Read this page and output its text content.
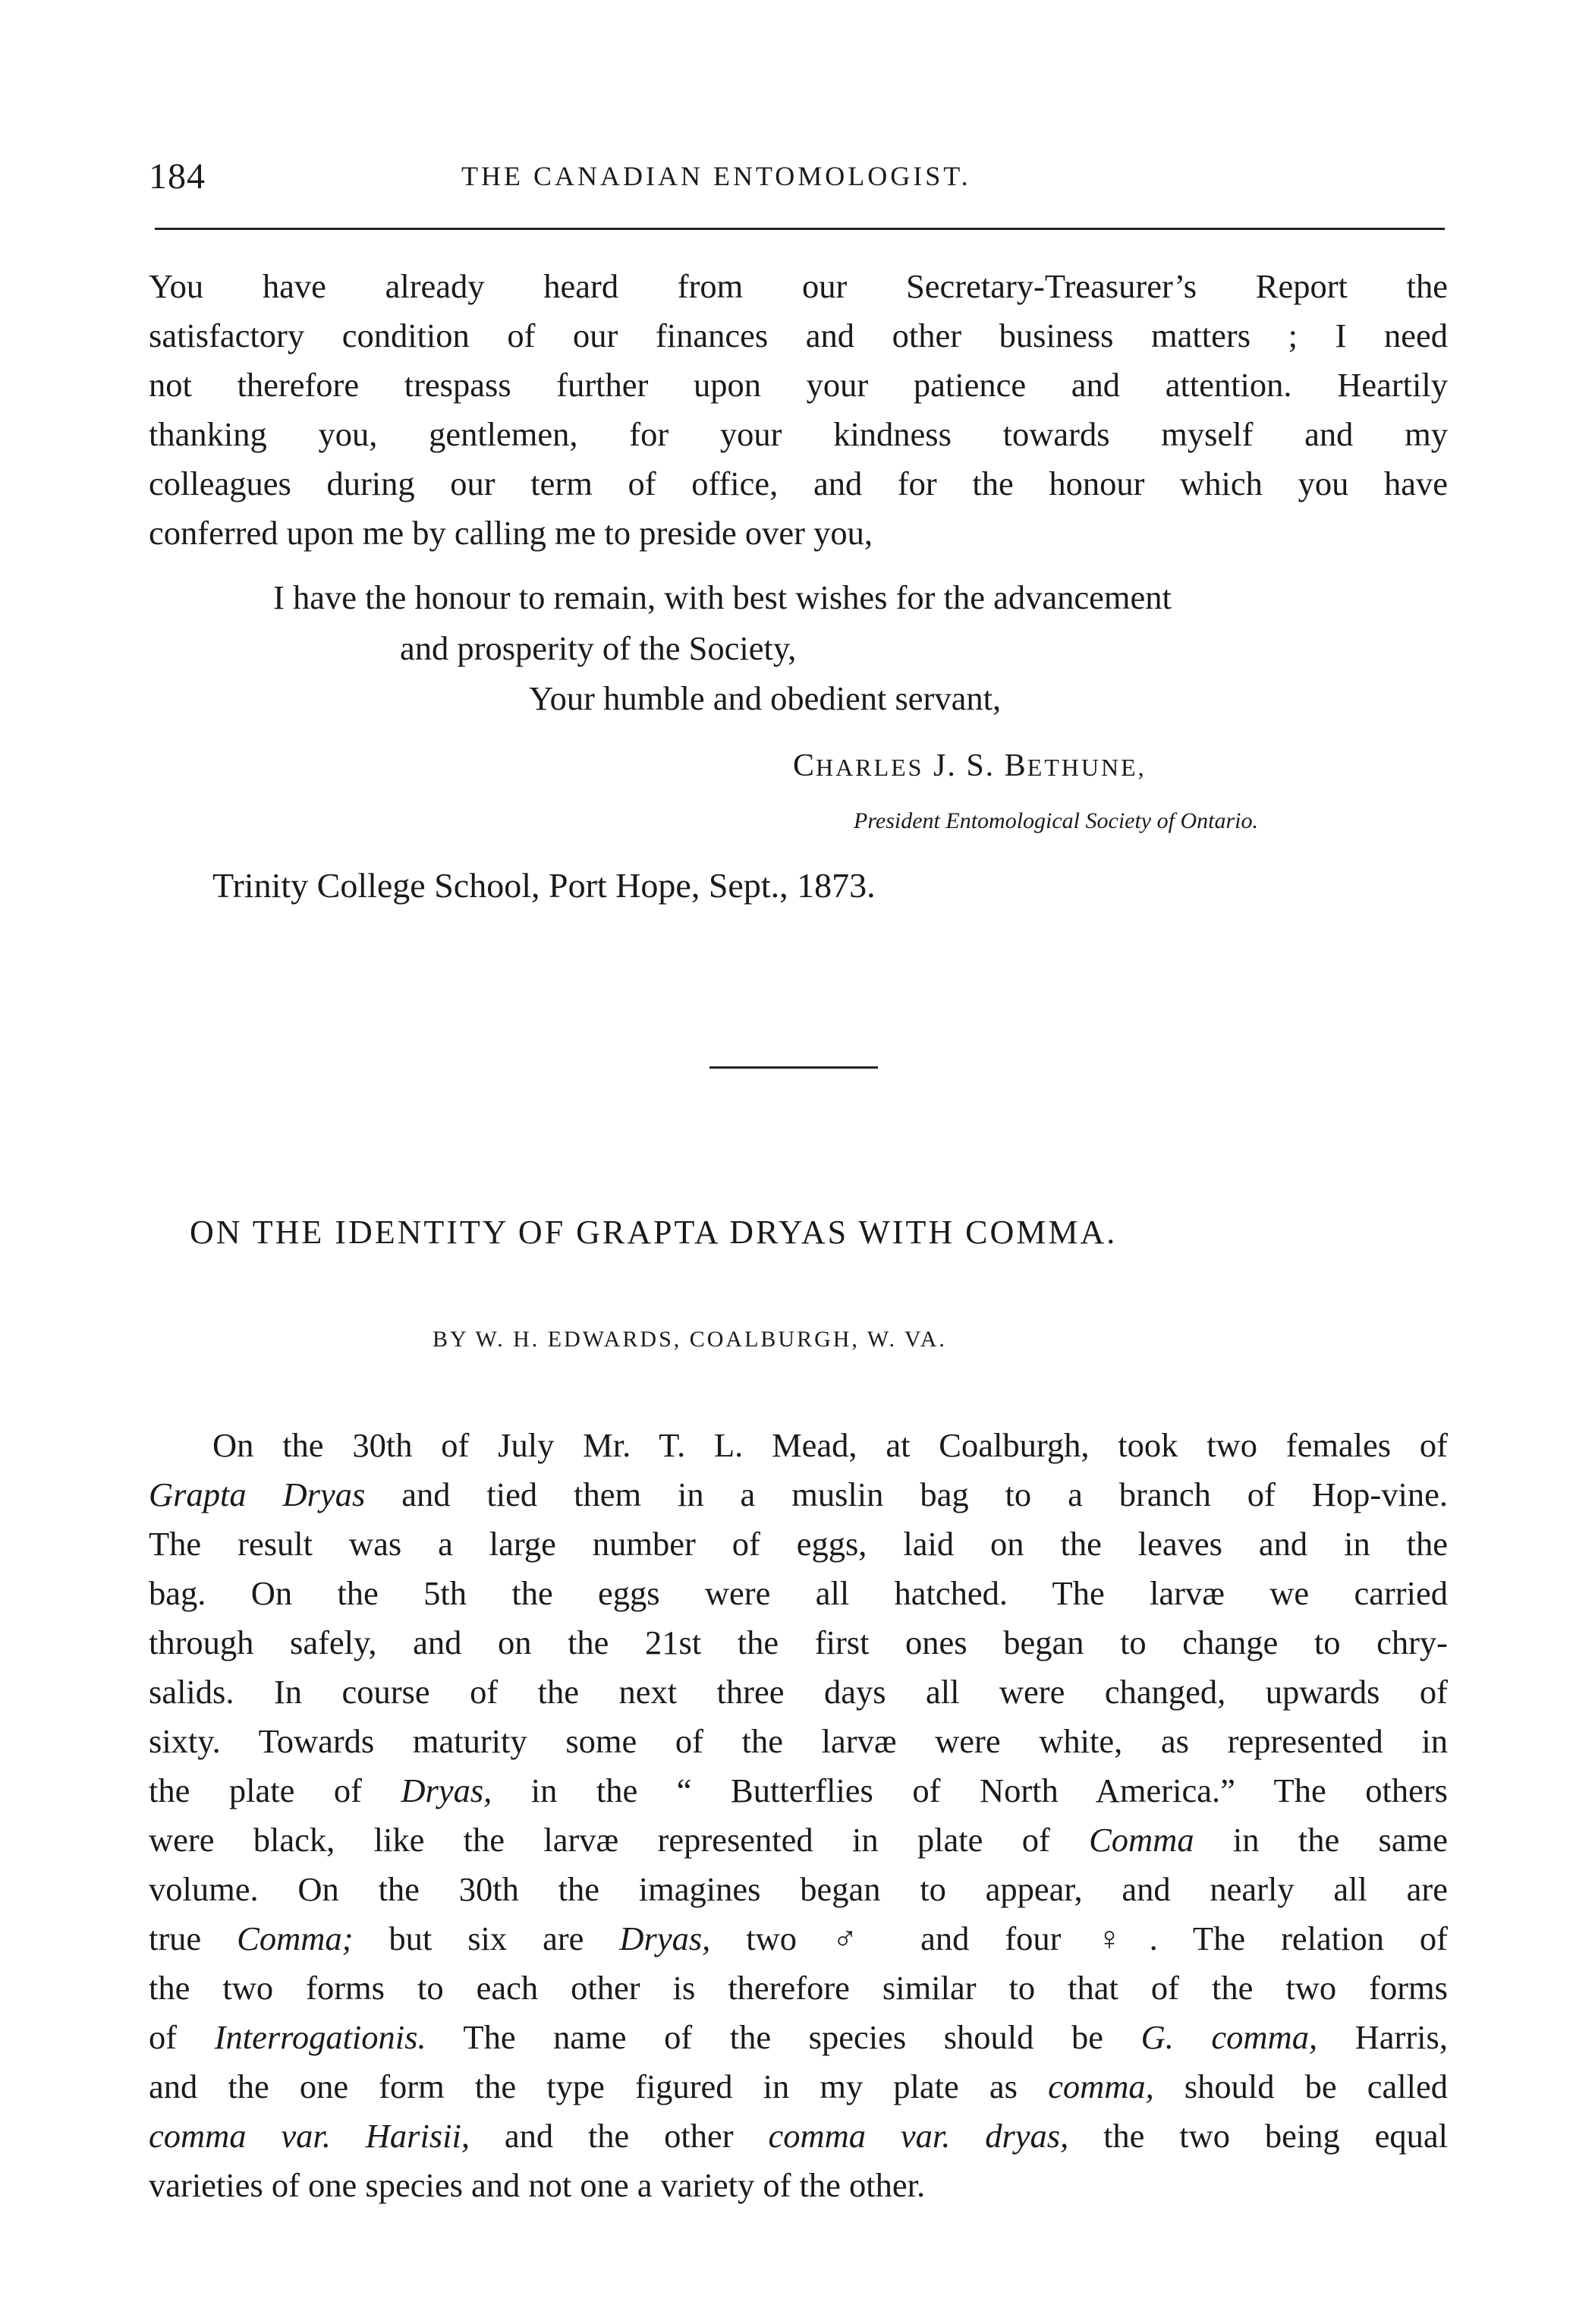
184	THE CANADIAN ENTOMOLOGIST.
You have already heard from our Secretary-Treasurer’s Report the
satisfactory condition of our finances and other business matters ; I need
not therefore trespass further upon your patience and attention. Heartily
thanking you, gentlemen, for your kindness towards myself and my
colleagues during our term of office, and for the honour which you have
conferred upon me by calling me to preside over you,
I have the honour to remain, with best wishes for the advancement
and prosperity of the Society,
Your humble and obedient servant,
CHARLES J. S. BETHUNE,
President Entomological Society of Ontario.
Trinity College School, Port Hope, Sept., 1873.
ON THE IDENTITY OF GRAPTA DRYAS WITH COMMA.
BY W. H. EDWARDS, COALBURGH, W. VA.
On the 30th of July Mr. T. L. Mead, at Coalburgh, took two females of
Grapta Dryas and tied them in a muslin bag to a branch of Hop-vine.
The result was a large number of eggs, laid on the leaves and in the
bag. On the 5th the eggs were all hatched. The larvæ we carried
through safely, and on the 21st the first ones began to change to chry-
salids. In course of the next three days all were changed, upwards of
sixty. Towards maturity some of the larvæ were white, as represented in
the plate of Dryas, in the “ Butterflies of North America.” The others
were black, like the larvæ represented in plate of Comma in the same
volume. On the 30th the imagines began to appear, and nearly all are
true Comma; but six are Dryas, two ♂ and four ♀. The relation of
the two forms to each other is therefore similar to that of the two forms
of Interrogationis. The name of the species should be G. comma, Harris,
and the one form the type figured in my plate as comma, should be called
comma var. Harisii, and the other comma var. dryas, the two being equal
varieties of one species and not one a variety of the other.
